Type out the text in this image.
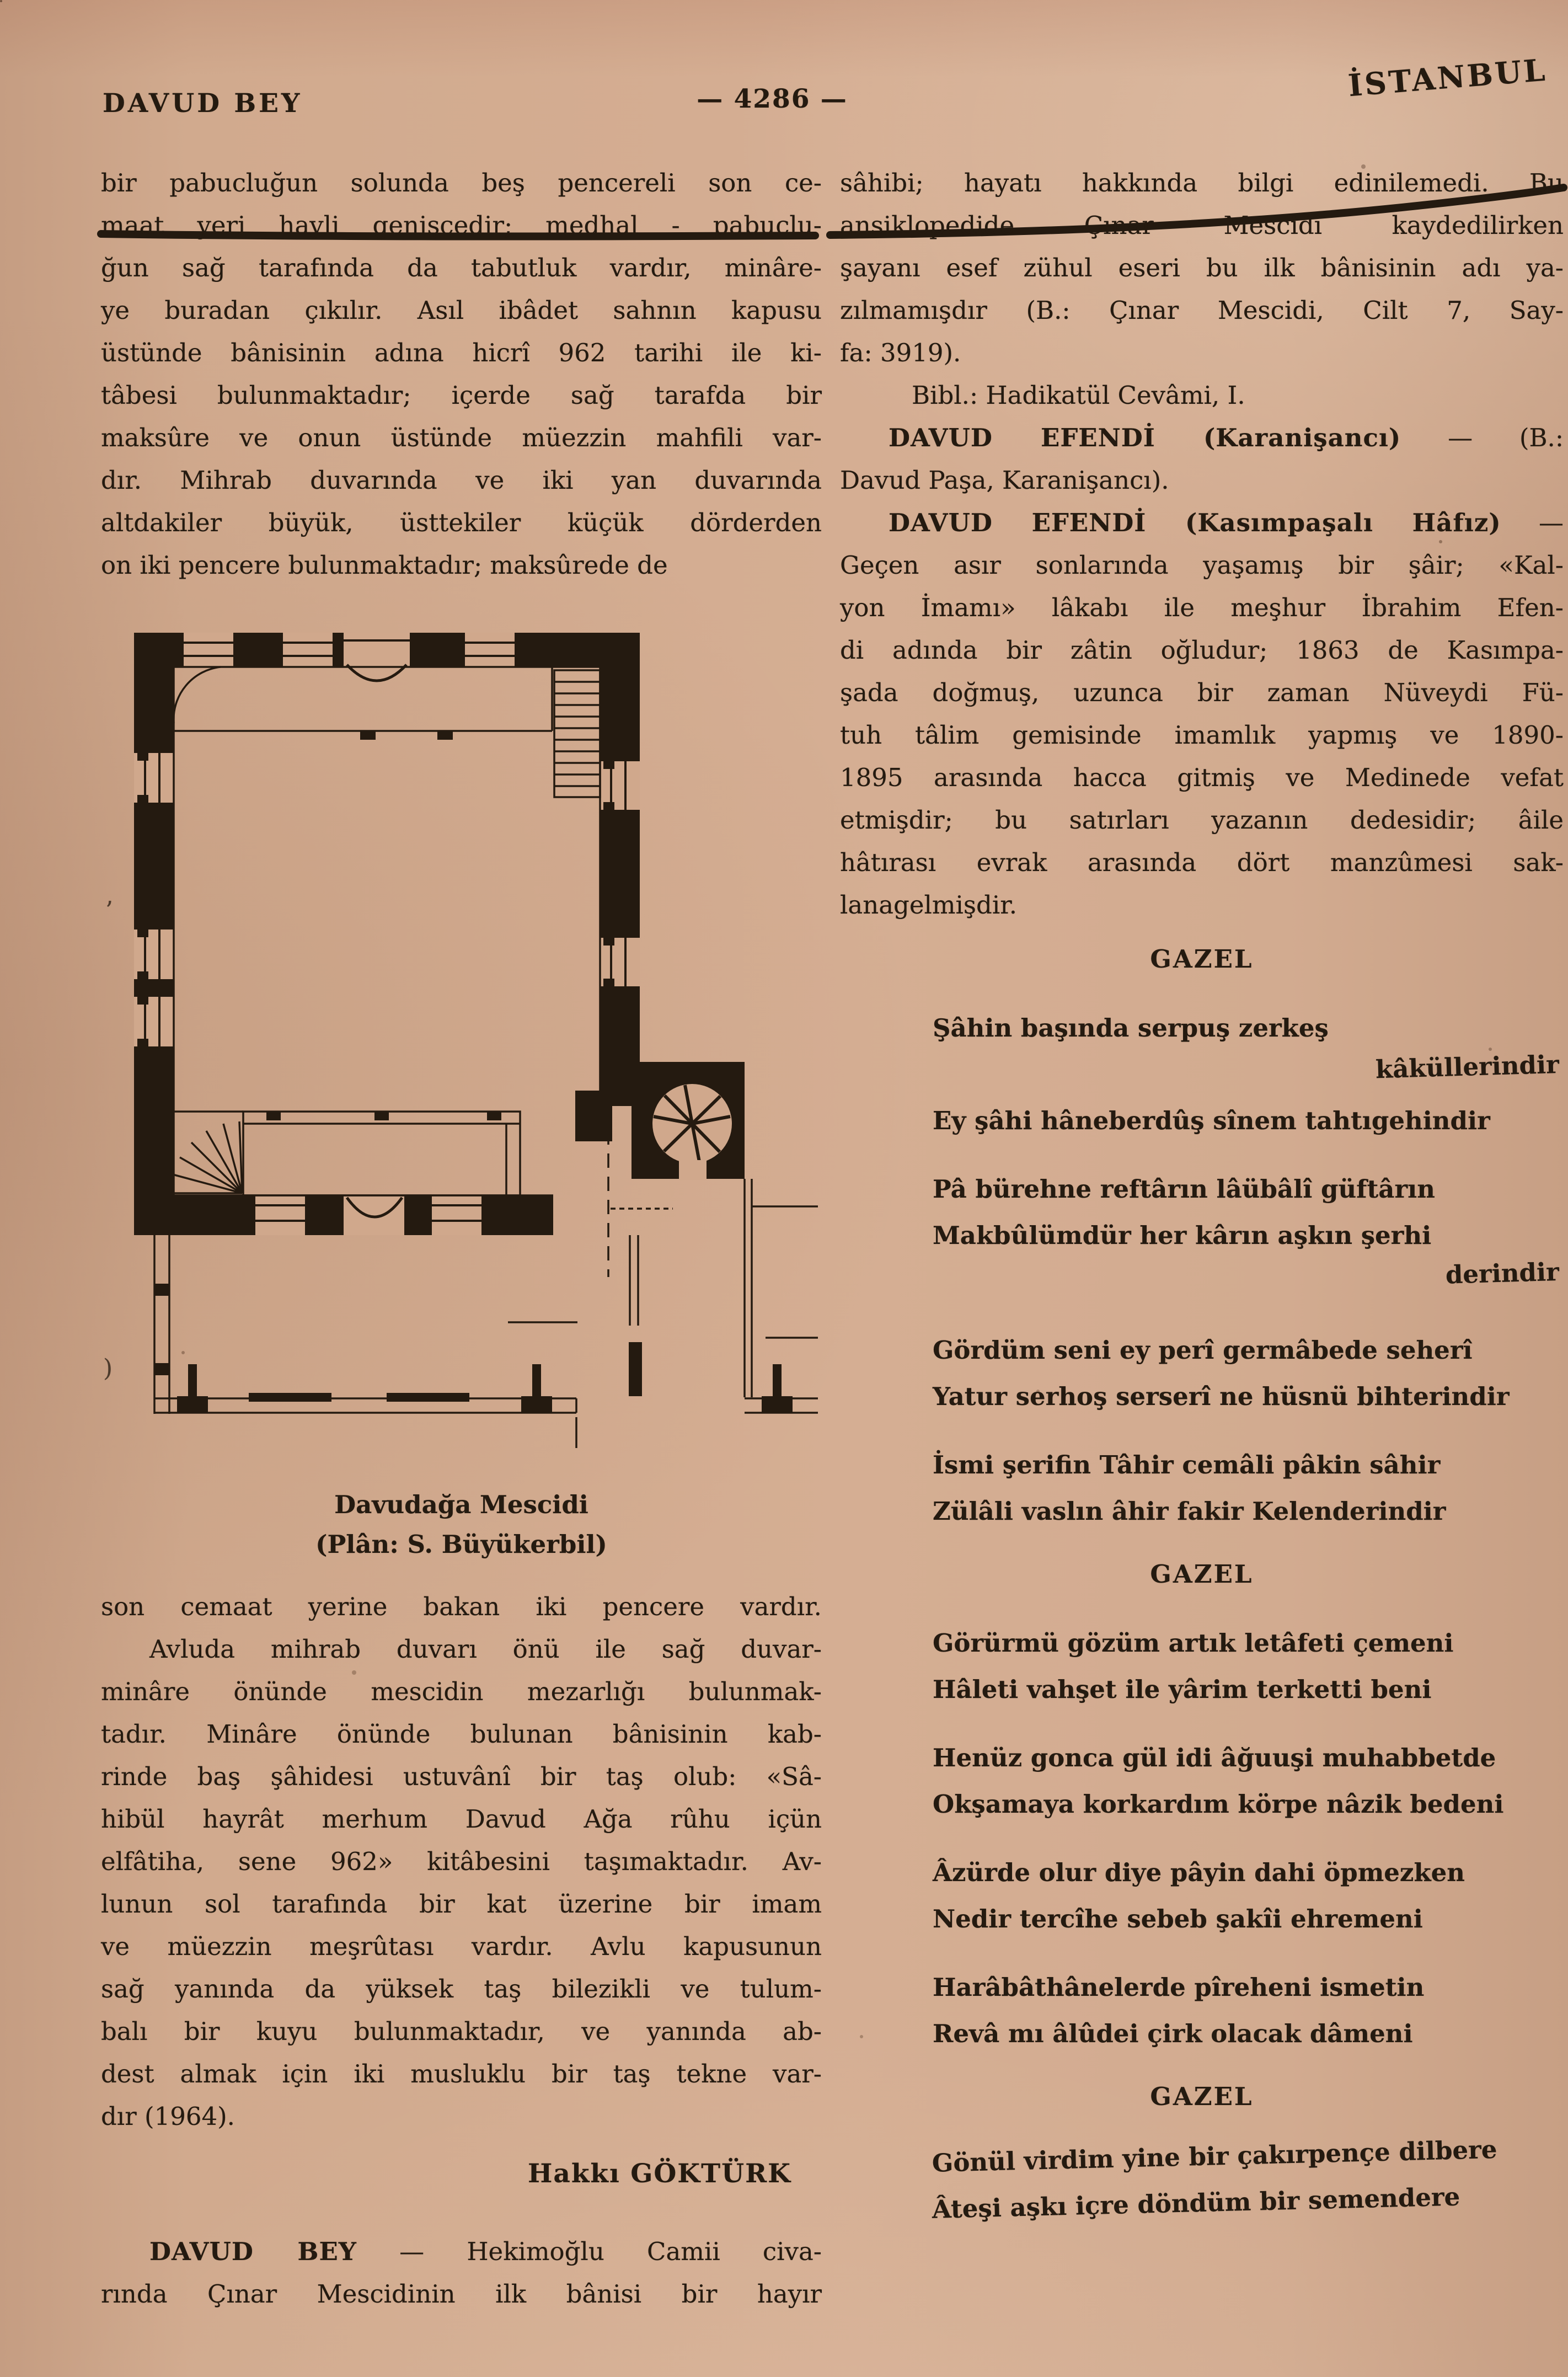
DAVUD BEY	— 4286 —	İSTANBUL
bir pabucluğun solunda beş pencereli son ce-
maat yeri hayli genişcedir; medhal - pabuclu-
ğun sağ tarafında da tabutluk vardır, minâre-
ye buradan çıkılır. Asıl ibâdet sahnın kapusu
üstünde bânisinin adına hicrî 962 tarihi ile ki-
tâbesi bulunmaktadır; içerde sağ tarafda bir
maksûre ve onun üstünde müezzin mahfili var-
dır. Mihrab duvarında ve iki yan duvarında
altdakiler büyük, üsttekiler küçük dörderden
on iki pencere bulunmaktadır; maksûrede de
’
)
Davudağa Mescidi
(Plân: S. Büyükerbil)
son cemaat yerine bakan iki pencere vardır.
Avluda mihrab duvarı önü ile sağ duvar-
minâre önünde mescidin mezarlığı bulunmak-
tadır. Minâre önünde bulunan bânisinin kab-
rinde baş şâhidesi ustuvânî bir taş olub: «Sâ-
hibül hayrât merhum Davud Ağa rûhu içün
elfâtiha, sene 962» kitâbesini taşımaktadır. Av-
lunun sol tarafında bir kat üzerine bir imam
ve müezzin meşrûtası vardır. Avlu kapusunun
sağ yanında da yüksek taş bilezikli ve tulum-
balı bir kuyu bulunmaktadır, ve yanında ab-
dest almak için iki musluklu bir taş tekne var-
dır (1964).
Hakkı GÖKTÜRK
DAVUD BEY — Hekimoğlu Camii civa-
rında Çınar Mescidinin ilk bânisi bir hayır
sâhibi; hayatı hakkında bilgi edinilemedi. Bu
ansiklopedide Çınar Mescidi kaydedilirken
şayanı esef zühul eseri bu ilk bânisinin adı ya-
zılmamışdır (B.: Çınar Mescidi, Cilt 7, Say-
fa: 3919).
Bibl.: Hadikatül Cevâmi, I.
DAVUD EFENDİ (Karanişancı) — (B.:
Davud Paşa, Karanişancı).
DAVUD EFENDİ (Kasımpaşalı Hâfız) —
Geçen asır sonlarında yaşamış bir şâir; «Kal-
yon İmamı» lâkabı ile meşhur İbrahim Efen-
di adında bir zâtin oğludur; 1863 de Kasımpa-
şada doğmuş, uzunca bir zaman Nüveydi Fü-
tuh tâlim gemisinde imamlık yapmış ve 1890-
1895 arasında hacca gitmiş ve Medinede vefat
etmişdir; bu satırları yazanın dedesidir; âile
hâtırası evrak arasında dört manzûmesi sak-
lanagelmişdir.
GAZEL
Şâhin başında serpuş zerkeş
kâküllerindir
Ey şâhi hâneberdûş sînem tahtıgehindir
Pâ bürehne reftârın lâübâlî güftârın
Makbûlümdür her kârın aşkın şerhi
derindir
Gördüm seni ey perî germâbede seherî
Yatur serhoş serserî ne hüsnü bihterindir
İsmi şerifin Tâhir cemâli pâkin sâhir
Zülâli vaslın âhir fakir Kelenderindir
GAZEL
Görürmü gözüm artık letâfeti çemeni
Hâleti vahşet ile yârim terketti beni
Henüz gonca gül idi âğuuşi muhabbetde
Okşamaya korkardım körpe nâzik bedeni
Âzürde olur diye pâyin dahi öpmezken
Nedir tercîhe sebeb şakîi ehremeni
Harâbâthânelerde pîreheni ismetin
Revâ mı âlûdei çirk olacak dâmeni
GAZEL
Gönül virdim yine bir çakırpençe dilbere
Âteşi aşkı içre döndüm bir semendere
